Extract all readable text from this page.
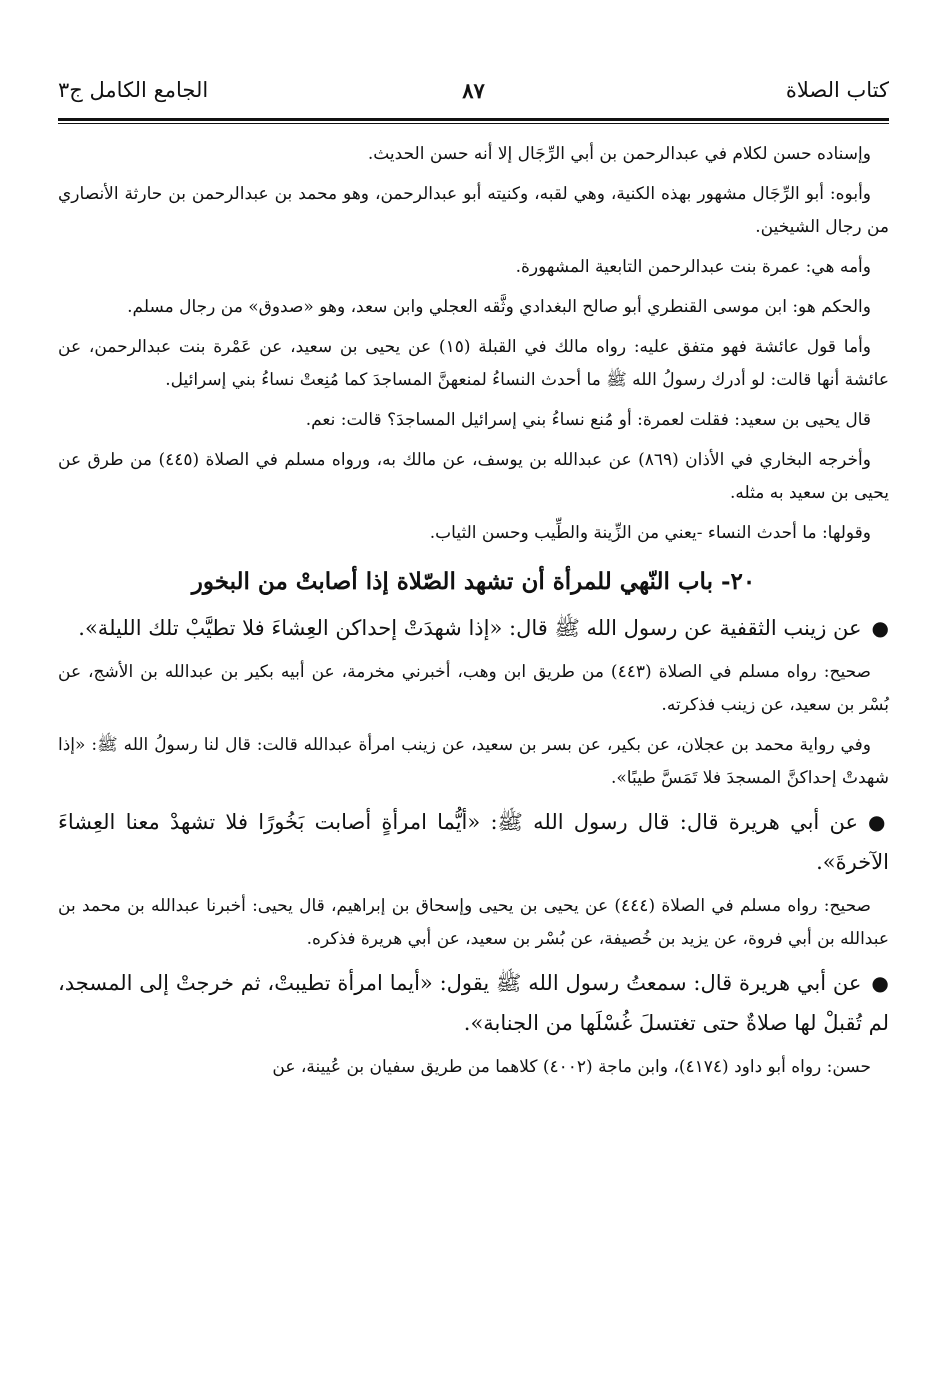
كتاب الصلاة
٨٧
الجامع الكامل ج٣

وإسناده حسن لكلام في عبدالرحمن بن أبي الرِّجَال إلا أنه حسن الحديث.

وأبوه: أبو الرِّجَال مشهور بهذه الكنية، وهي لقبه، وكنيته أبو عبدالرحمن، وهو محمد بن عبدالرحمن بن حارثة الأنصاري من رجال الشيخين.

وأمه هي: عمرة بنت عبدالرحمن التابعية المشهورة.

والحكم هو: ابن موسى القنطري أبو صالح البغدادي وثَّقه العجلي وابن سعد، وهو «صدوق» من رجال مسلم.

وأما قول عائشة فهو متفق عليه: رواه مالك في القبلة (١٥) عن يحيى بن سعيد، عن عَمْرة بنت عبدالرحمن، عن عائشة أنها قالت: لو أدرك رسولُ الله ﷺ ما أحدث النساءُ لمنعهنَّ المساجدَ كما مُنِعتْ نساءُ بني إسرائيل.

قال يحيى بن سعيد: فقلت لعمرة: أو مُنع نساءُ بني إسرائيل المساجدَ؟ قالت: نعم.

وأخرجه البخاري في الأذان (٨٦٩) عن عبدالله بن يوسف، عن مالك به، ورواه مسلم في الصلاة (٤٤٥) من طرق عن يحيى بن سعيد به مثله.

وقولها: ما أحدث النساء -يعني من الزِّينة والطِّيب وحسن الثياب.

٢٠- باب النّهي للمرأة أن تشهد الصّلاة إذا أصابتْ من البخور

●عن زينب الثقفية عن رسول الله ﷺ قال: «إذا شهدَتْ إحداكن العِشاءَ فلا تطيَّبْ تلك الليلة».

صحيح: رواه مسلم في الصلاة (٤٤٣) من طريق ابن وهب، أخبرني مخرمة، عن أبيه بكير بن عبدالله بن الأشج، عن بُسْر بن سعيد، عن زينب فذكرته.

وفي رواية محمد بن عجلان، عن بكير، عن بسر بن سعيد، عن زينب امرأة عبدالله قالت: قال لنا رسولُ الله ﷺ: «إذا شهدتْ إحداكنَّ المسجدَ فلا تَمَسَّ طيبًا».

●عن أبي هريرة قال: قال رسول الله ﷺ: «أيُّما امرأةٍ أصابت بَخُورًا فلا تشهدْ معنا العِشاءَ الآخرةَ».

صحيح: رواه مسلم في الصلاة (٤٤٤) عن يحيى بن يحيى وإسحاق بن إبراهيم، قال يحيى: أخبرنا عبدالله بن محمد بن عبدالله بن أبي فروة، عن يزيد بن خُصيفة، عن بُسْر بن سعيد، عن أبي هريرة فذكره.

●عن أبي هريرة قال: سمعتُ رسول الله ﷺ يقول: «أيما امرأة تطيبتْ، ثم خرجتْ إلى المسجد، لم تُقبلْ لها صلاةٌ حتى تغتسلَ غُسْلَها من الجنابة».

حسن: رواه أبو داود (٤١٧٤)، وابن ماجة (٤٠٠٢) كلاهما من طريق سفيان بن عُيينة، عن
